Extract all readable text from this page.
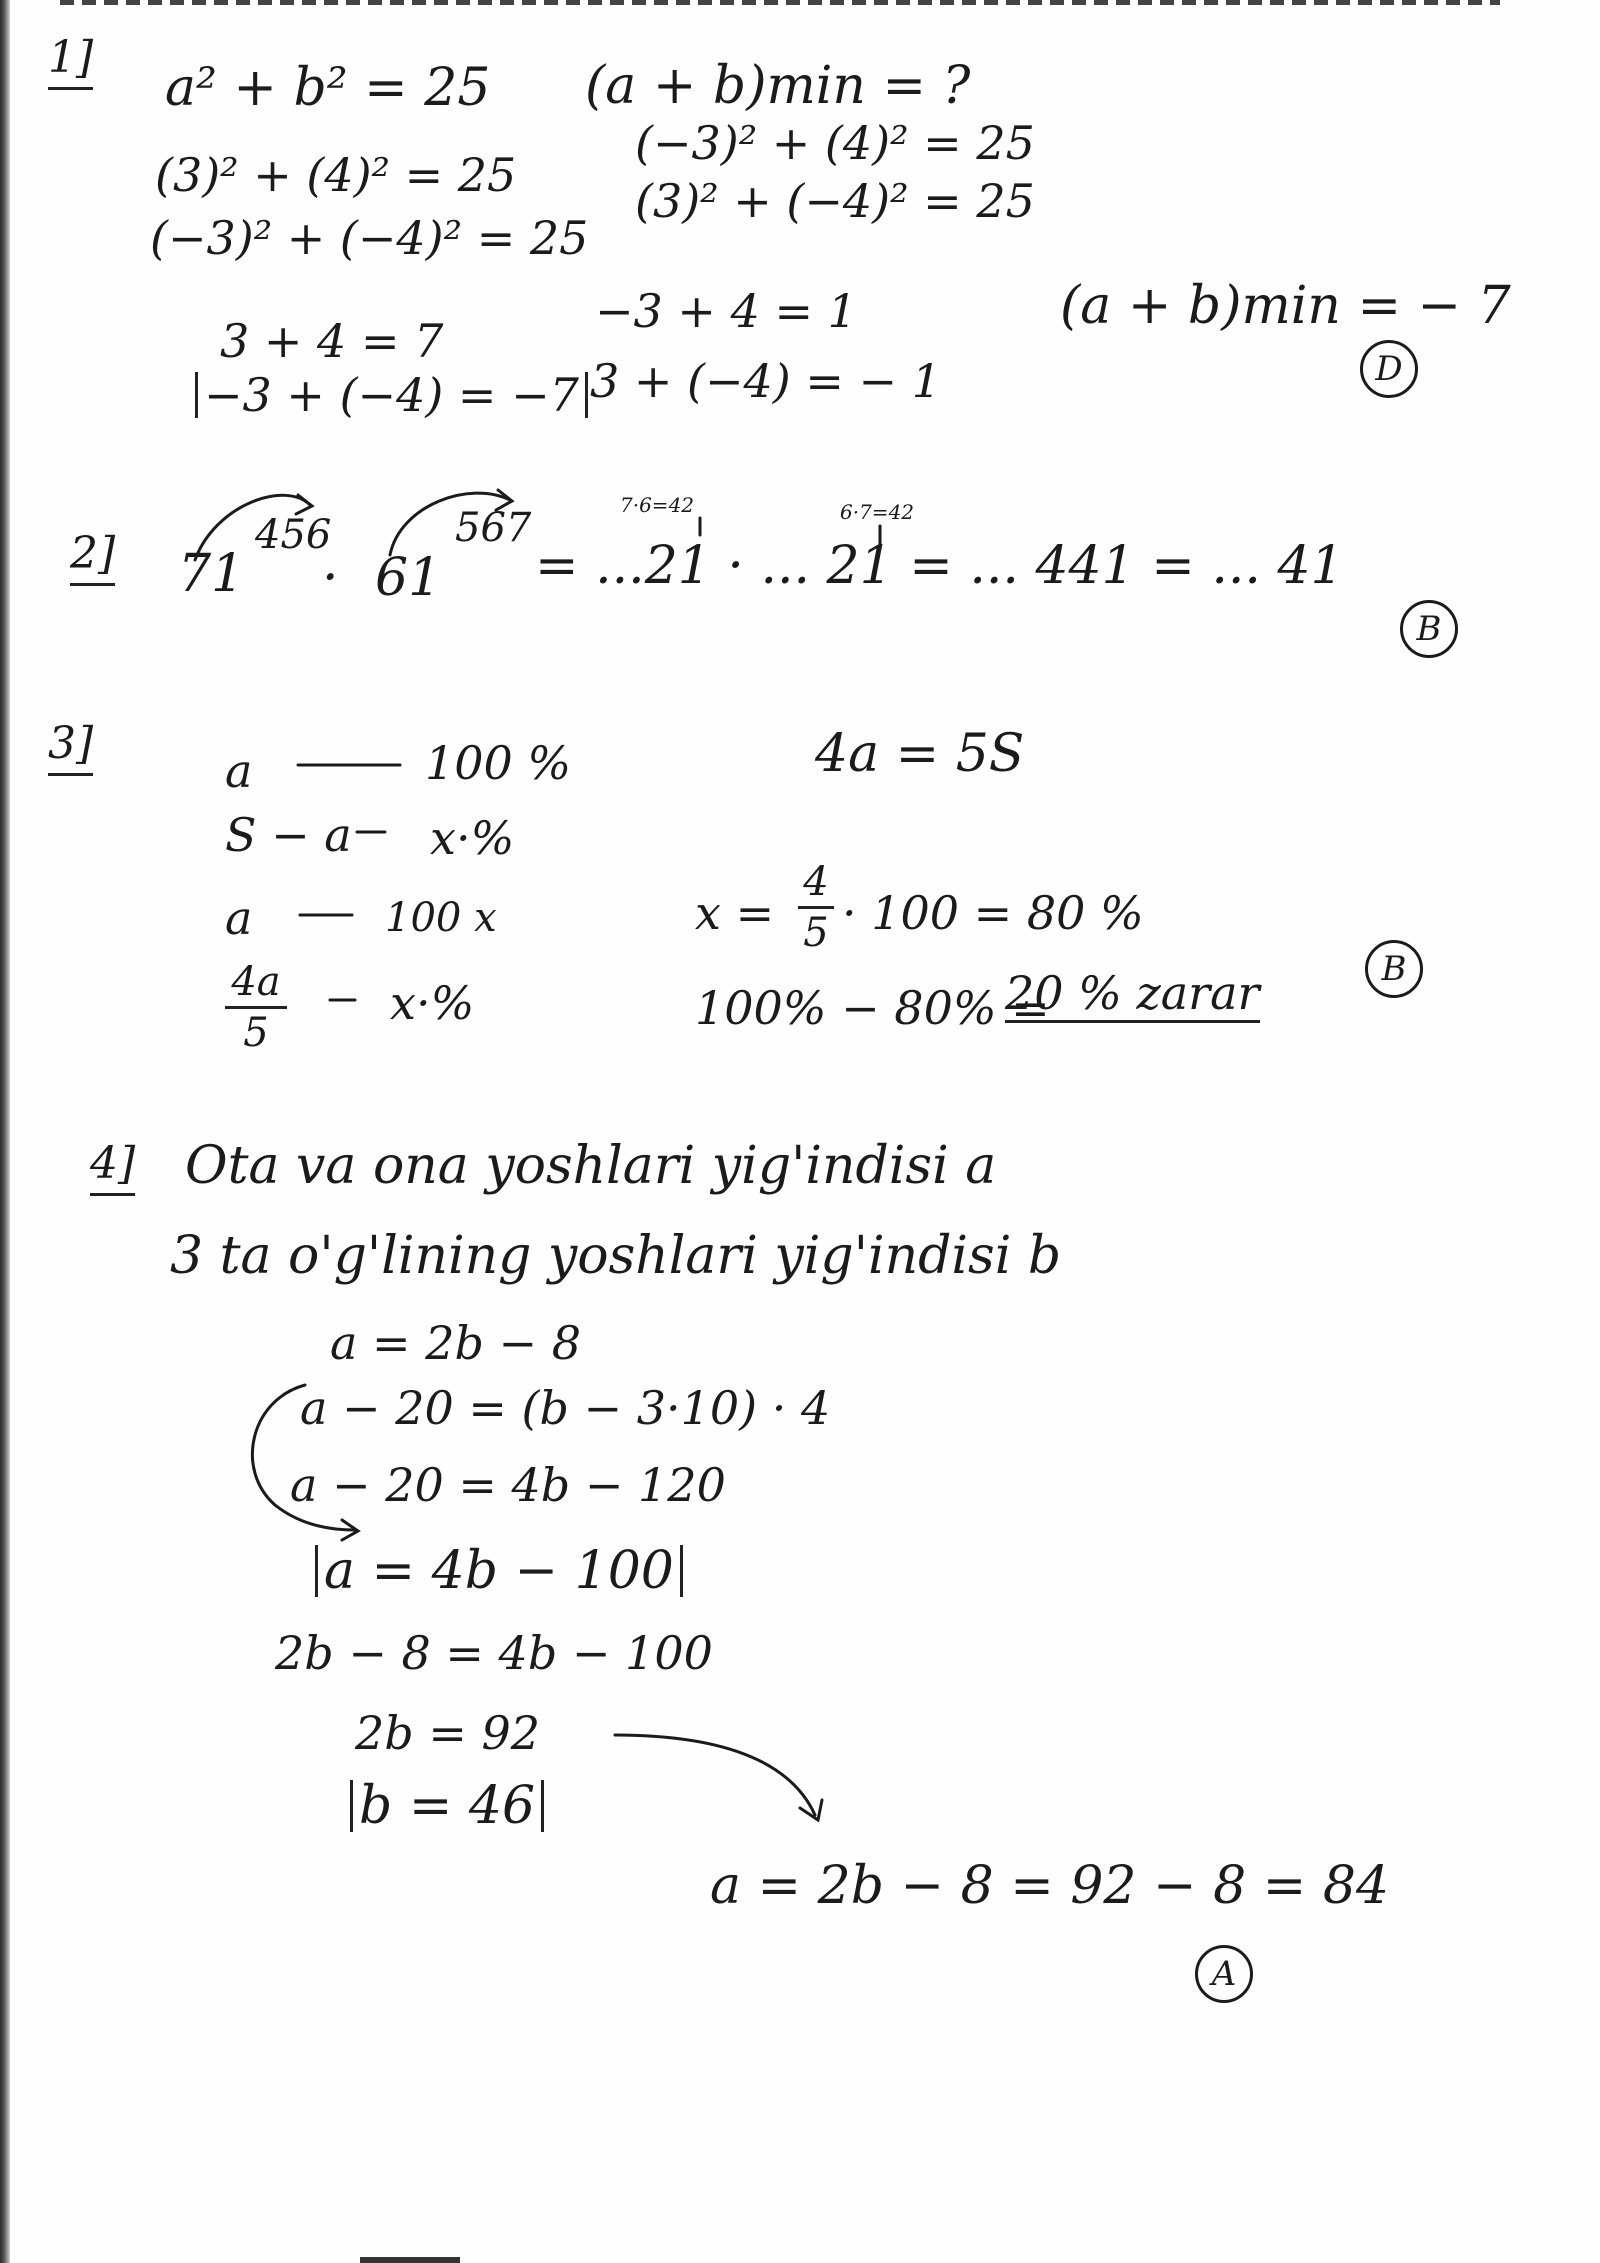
1]
a² + b² = 25 (a + b)min = ?
(3)² + (4)² = 25
(−3)² + (4)² = 25
(−3)² + (−4)² = 25
(3)² + (−4)² = 25
3 + 4 = 7
−3 + 4 = 1	(a + b)min = − 7
−3 + (−4) = −7 3 + (−4) = − 1	D
2]	456	567	7·6=42	6·7=42
71 · 61 = ...21 · ... 21 = ... 441 = ... 41
B
3]
a	100 %	4a = 5S
S − a x·%
a	100 x	x =
4
5 · 100 = 80 %
4a
5
x·%	100% − 80% =
20 % zarar	B
4] Ota va ona yoshlari yig'indisi a
3 ta o'g'lining yoshlari yig'indisi b
a = 2b − 8
a − 20 = (b − 3·10) · 4
a − 20 = 4b − 120
a = 4b − 100
2b − 8 = 4b − 100
2b = 92
b = 46
a = 2b − 8 = 92 − 8 = 84
A
